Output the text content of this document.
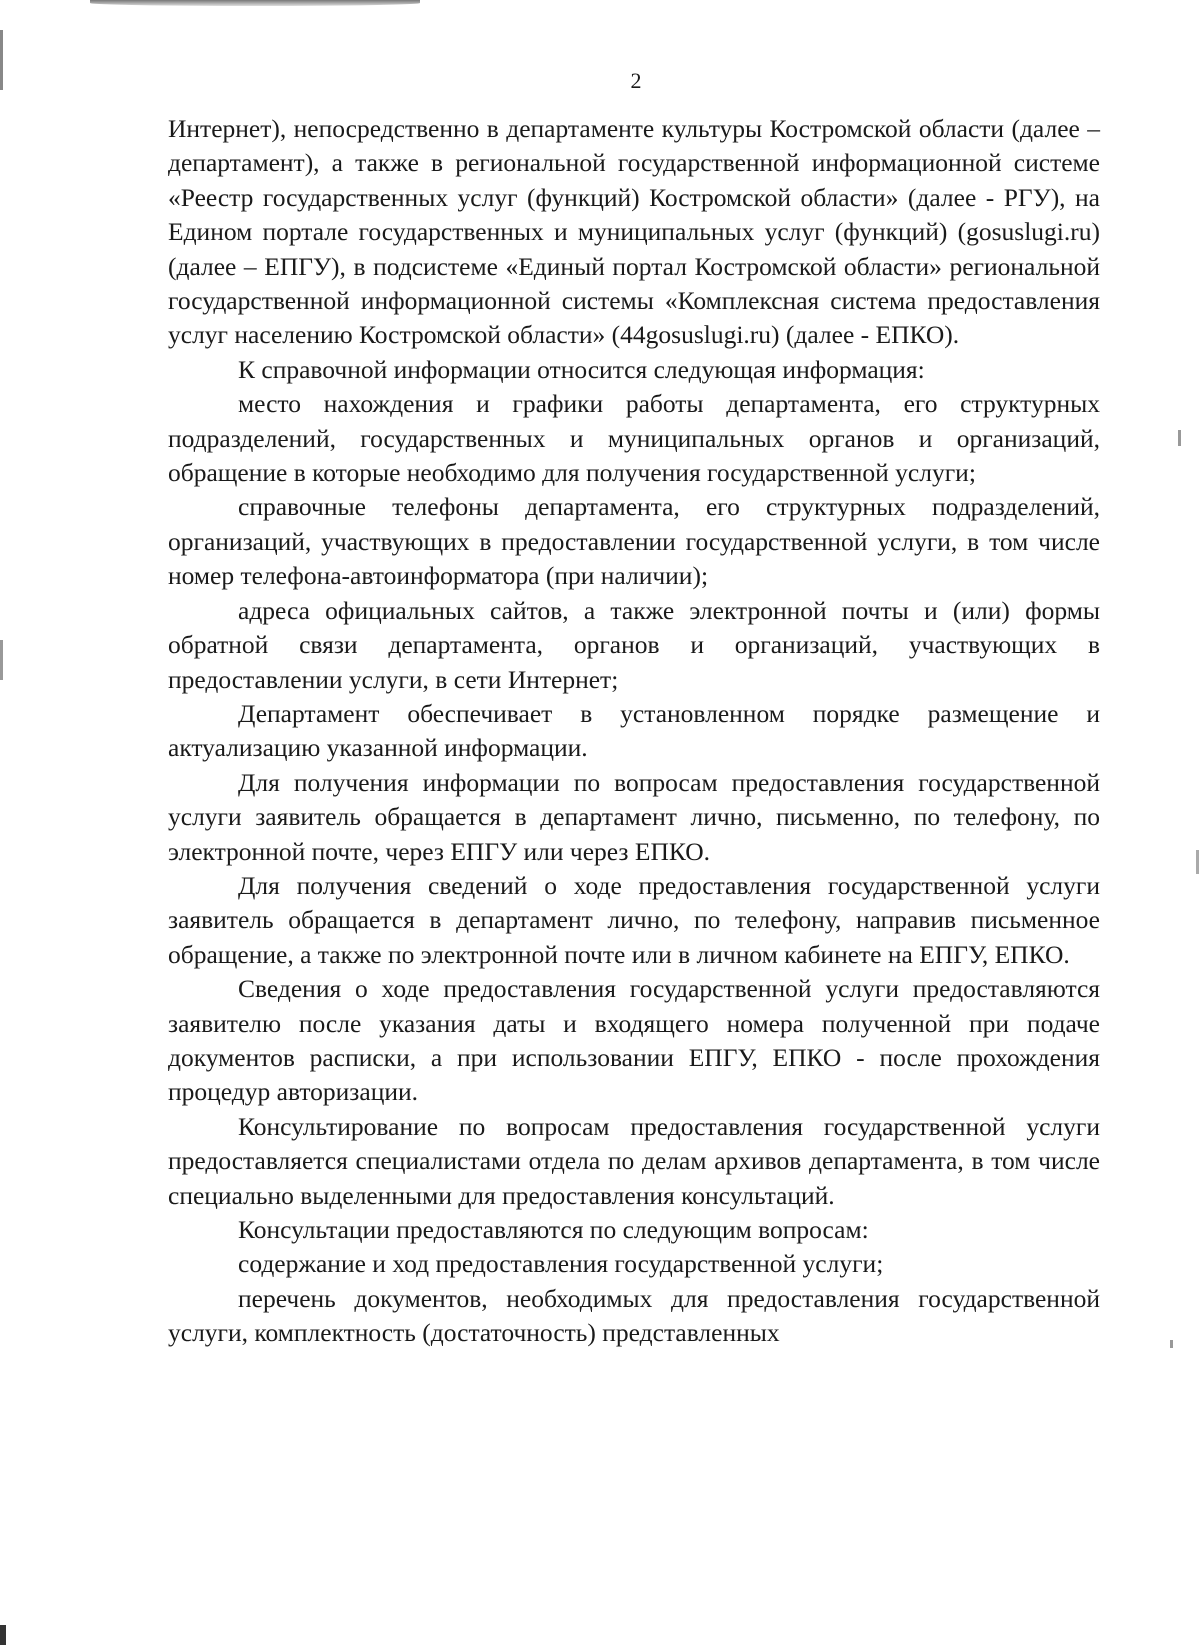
2

Интернет), непосредственно в департаменте культуры Костромской области (далее – департамент), а также в региональной государственной информационной системе «Реестр государственных услуг (функций) Костромской области» (далее - РГУ), на Едином портале государственных и муниципальных услуг (функций) (gosuslugi.ru) (далее – ЕПГУ), в подсистеме «Единый портал Костромской области» региональной государственной информационной системы «Комплексная система предоставления услуг населению Костромской области» (44gosuslugi.ru) (далее - ЕПКО).

К справочной информации относится следующая информация:

место нахождения и графики работы департамента, его структурных подразделений, государственных и муниципальных органов и организаций, обращение в которые необходимо для получения государственной услуги;

справочные телефоны департамента, его структурных подразделений, организаций, участвующих в предоставлении государственной услуги, в том числе номер телефона-автоинформатора (при наличии);

адреса официальных сайтов, а также электронной почты и (или) формы обратной связи департамента, органов и организаций, участвующих в предоставлении услуги, в сети Интернет;

Департамент обеспечивает в установленном порядке размещение и актуализацию указанной информации.

Для получения информации по вопросам предоставления государственной услуги заявитель обращается в департамент лично, письменно, по телефону, по электронной почте, через ЕПГУ или через ЕПКО.

Для получения сведений о ходе предоставления государственной услуги заявитель обращается в департамент лично, по телефону, направив письменное обращение, а также по электронной почте или в личном кабинете на ЕПГУ, ЕПКО.

Сведения о ходе предоставления государственной услуги предоставляются заявителю после указания даты и входящего номера полученной при подаче документов расписки, а при использовании ЕПГУ, ЕПКО - после прохождения процедур авторизации.

Консультирование по вопросам предоставления государственной услуги предоставляется специалистами отдела по делам архивов департамента, в том числе специально выделенными для предоставления консультаций.

Консультации предоставляются по следующим вопросам:

содержание и ход предоставления государственной услуги;

перечень документов, необходимых для предоставления государственной услуги, комплектность (достаточность) представленных
